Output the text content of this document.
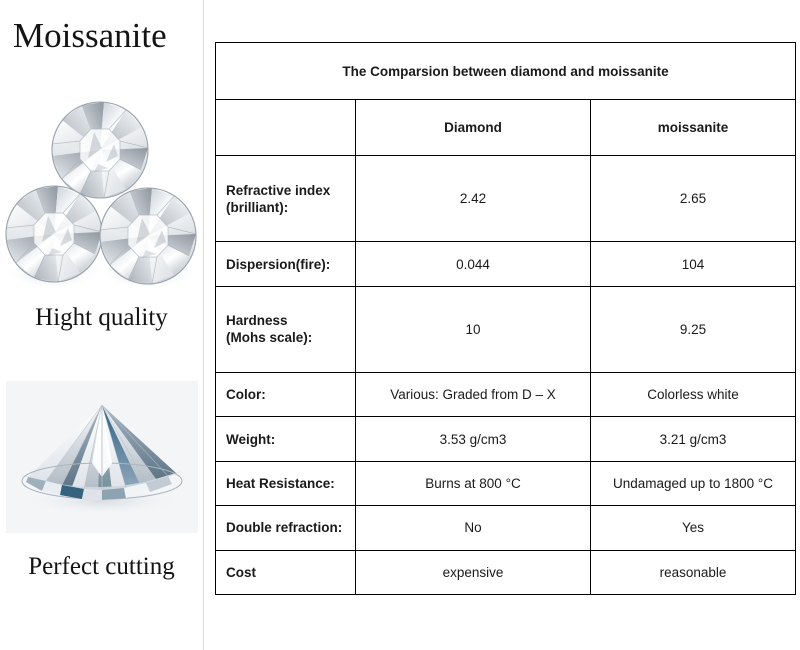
Moissanite
Hight quality
Perfect cutting
The Comparsion between diamond and moissanite		
	Diamond	moissanite
Refractive index
(brilliant):	2.42	2.65
Dispersion(fire):	0.044	104
Hardness
(Mohs scale):	10	9.25
Color:	Various: Graded from D – X	Colorless white
Weight:	3.53 g/cm3	3.21 g/cm3
Heat Resistance:	Burns at 800 °C	Undamaged up to 1800 °C
Double refraction:	No	Yes
Cost	expensive	reasonable
